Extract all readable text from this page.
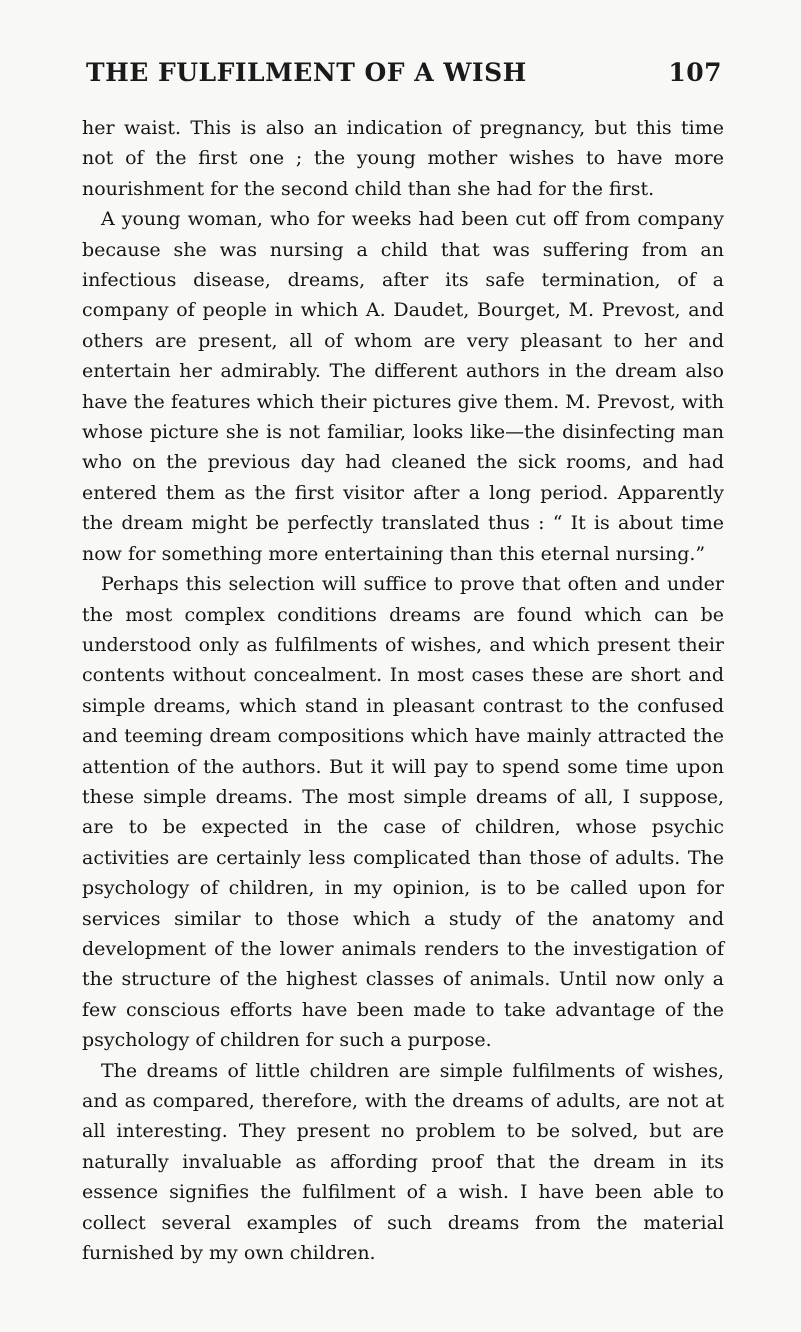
THE FULFILMENT OF A WISH	107

her waist. This is also an indication of pregnancy, but this time not of the first one ; the young mother wishes to have more nourishment for the second child than she had for the first.

A young woman, who for weeks had been cut off from company because she was nursing a child that was suffering from an infectious disease, dreams, after its safe termination, of a company of people in which A. Daudet, Bourget, M. Prevost, and others are present, all of whom are very pleasant to her and entertain her admirably. The different authors in the dream also have the features which their pictures give them. M. Prevost, with whose picture she is not familiar, looks like—the disinfecting man who on the previous day had cleaned the sick rooms, and had entered them as the first visitor after a long period. Apparently the dream might be perfectly translated thus : “ It is about time now for something more entertaining than this eternal nursing.”

Perhaps this selection will suffice to prove that often and under the most complex conditions dreams are found which can be understood only as fulfilments of wishes, and which present their contents without concealment. In most cases these are short and simple dreams, which stand in pleasant contrast to the confused and teeming dream compositions which have mainly attracted the attention of the authors. But it will pay to spend some time upon these simple dreams. The most simple dreams of all, I suppose, are to be expected in the case of children, whose psychic activities are certainly less complicated than those of adults. The psychology of children, in my opinion, is to be called upon for services similar to those which a study of the anatomy and development of the lower animals renders to the investigation of the structure of the highest classes of animals. Until now only a few conscious efforts have been made to take advantage of the psychology of children for such a purpose.

The dreams of little children are simple fulfilments of wishes, and as compared, therefore, with the dreams of adults, are not at all interesting. They present no problem to be solved, but are naturally invaluable as affording proof that the dream in its essence signifies the fulfilment of a wish. I have been able to collect several examples of such dreams from the material furnished by my own children.
